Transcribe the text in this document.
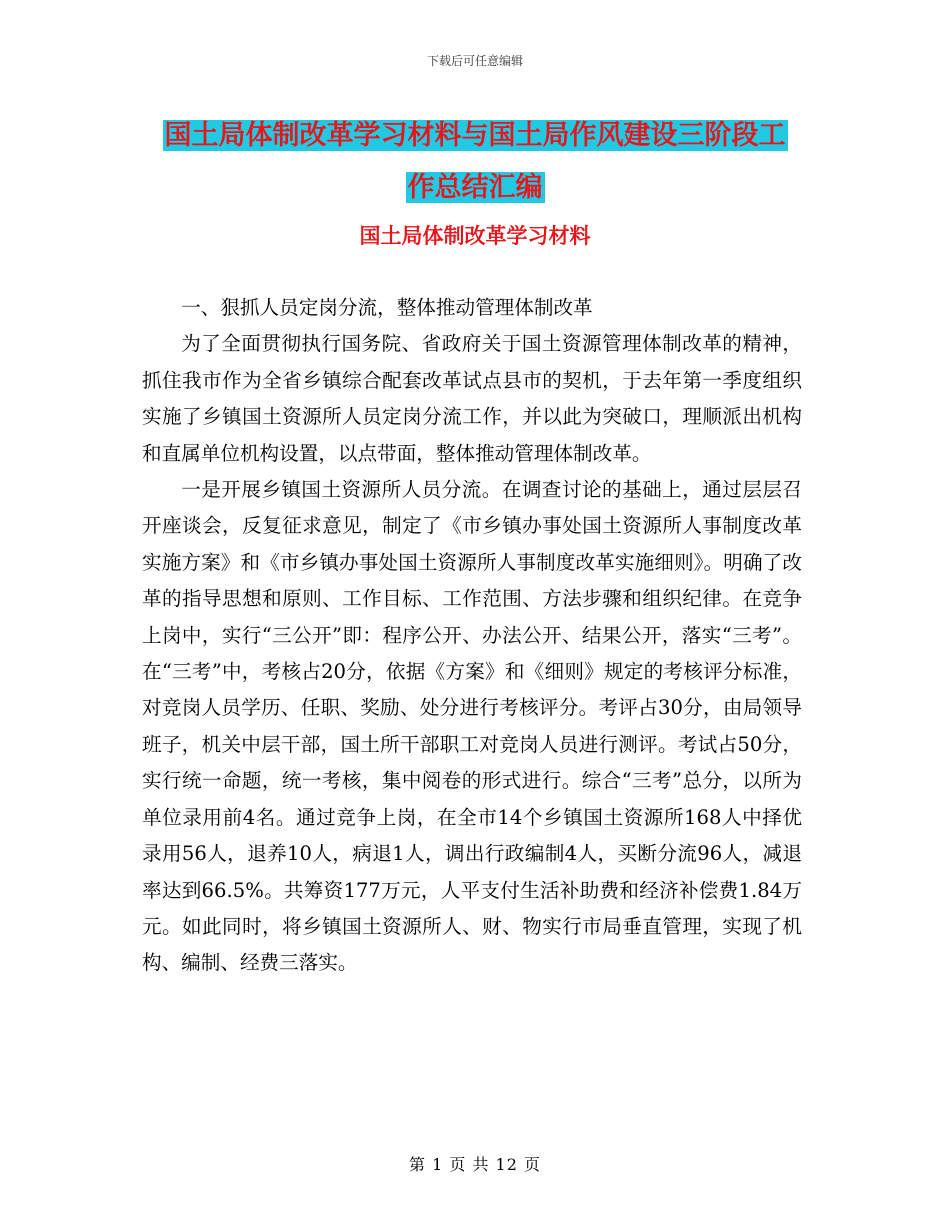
下载后可任意编辑
国土局体制改革学习材料与国土局作风建设三阶段工
作总结汇编
国土局体制改革学习材料

一、狠抓人员定岗分流，整体推动管理体制改革

为了全面贯彻执行国务院、省政府关于国土资源管理体制改革的精神，抓住我市作为全省乡镇综合配套改革试点县市的契机，于去年第一季度组织实施了乡镇国土资源所人员定岗分流工作，并以此为突破口，理顺派出机构和直属单位机构设置，以点带面，整体推动管理体制改革。

一是开展乡镇国土资源所人员分流。在调查讨论的基础上，通过层层召开座谈会，反复征求意见，制定了《市乡镇办事处国土资源所人事制度改革实施方案》和《市乡镇办事处国土资源所人事制度改革实施细则》。明确了改革的指导思想和原则、工作目标、工作范围、方法步骤和组织纪律。在竞争上岗中，实行“三公开”即：程序公开、办法公开、结果公开，落实“三考”。在“三考”中，考核占20分，依据《方案》和《细则》规定的考核评分标准，对竞岗人员学历、任职、奖励、处分进行考核评分。考评占30分，由局领导班子，机关中层干部，国土所干部职工对竞岗人员进行测评。考试占50分，实行统一命题，统一考核，集中阅卷的形式进行。综合“三考”总分，以所为单位录用前4名。通过竞争上岗，在全市14个乡镇国土资源所168人中择优录用56人，退养10人，病退1人，调出行政编制4人，买断分流96人，减退率达到66.5%。共筹资177万元，人平支付生活补助费和经济补偿费1.84万元。如此同时，将乡镇国土资源所人、财、物实行市局垂直管理，实现了机构、编制、经费三落实。

第 1 页 共 12 页
